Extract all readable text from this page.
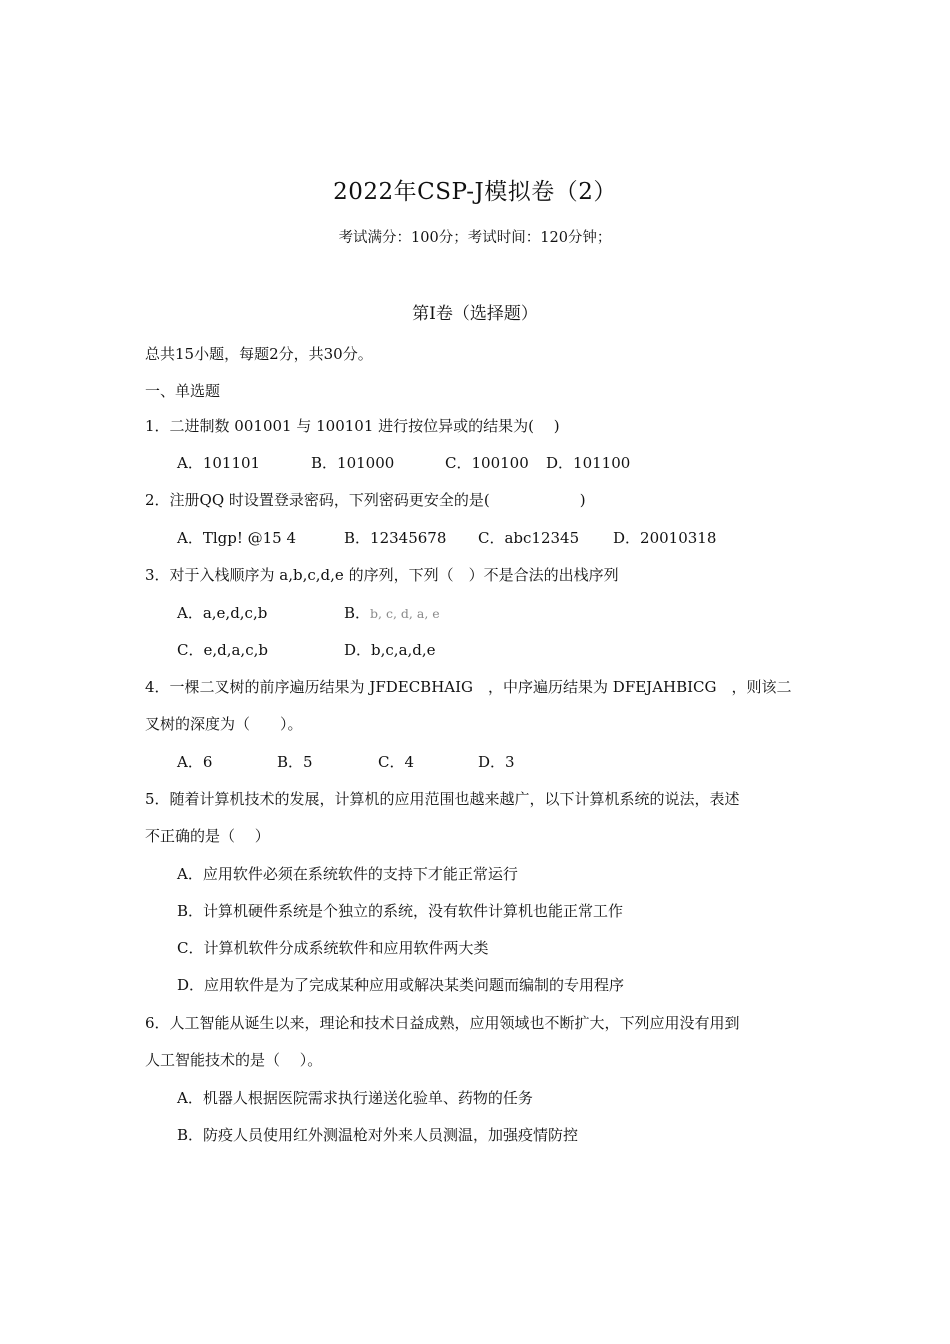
2022年CSP-J模拟卷（2）
考试满分：100分；考试时间：120分钟；
第I卷（选择题）
总共15小题，每题2分，共30分。
一、单选题
1．二进制数 001001 与 100101 进行按位异或的结果为(　 )
A．101101	B．101000	C．100100 D．101100
2．注册QQ 时设置登录密码，下列密码更安全的是(　　　　　　)
A．Tlgp! @15 4	B．12345678 C．abc12345 D．20010318
3．对于入栈顺序为 a,b,c,d,e 的序列，下列（　）不是合法的出栈序列
A．a,e,d,c,b	B．b, c, d, a, e
C．e,d,a,c,b	D．b,c,a,d,e
4．一棵二叉树的前序遍历结果为 JFDECBHAIG　，中序遍历结果为 DFEJAHBICG　，则该二
叉树的深度为（　　）。
A．6	B．5	C．4	D．3
5．随着计算机技术的发展，计算机的应用范围也越来越广，以下计算机系统的说法，表述
不正确的是（　 ）
A．应用软件必须在系统软件的支持下才能正常运行
B．计算机硬件系统是个独立的系统，没有软件计算机也能正常工作
C．计算机软件分成系统软件和应用软件两大类
D．应用软件是为了完成某种应用或解决某类问题而编制的专用程序
6．人工智能从诞生以来，理论和技术日益成熟，应用领域也不断扩大，下列应用没有用到
人工智能技术的是（　 ）。
A．机器人根据医院需求执行递送化验单、药物的任务
B．防疫人员使用红外测温枪对外来人员测温，加强疫情防控
